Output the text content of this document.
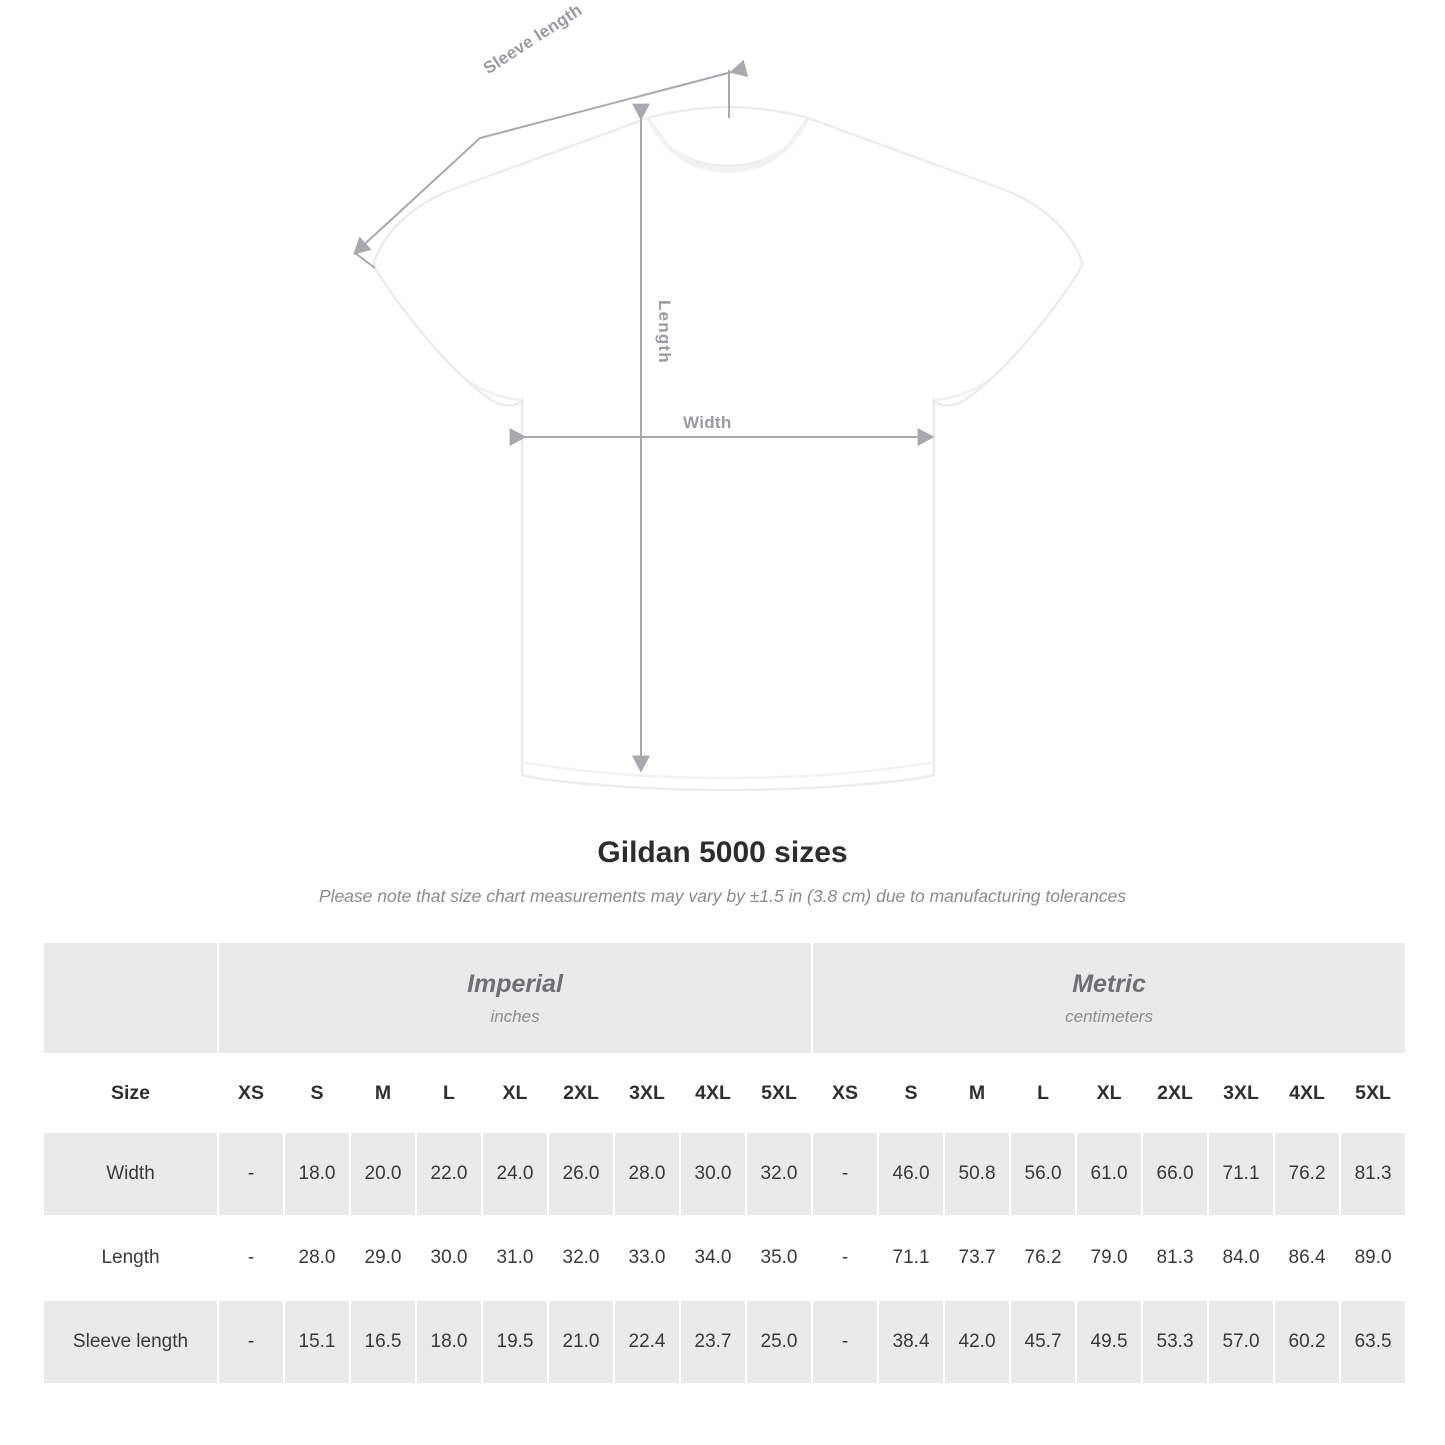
Sleeve length
Length
Width
Gildan 5000 sizes

Please note that size chart measurements may vary by ±1.5 in (3.8 cm) due to manufacturing tolerances

	Imperial
inches									Metric
centimeters								

Size	XS	S	M	L	XL	2XL	3XL	4XL	5XL	XS	S	M	L	XL	2XL	3XL	4XL	5XL
Width	-	18.0	20.0	22.0	24.0	26.0	28.0	30.0	32.0	-	46.0	50.8	56.0	61.0	66.0	71.1	76.2	81.3
Length	-	28.0	29.0	30.0	31.0	32.0	33.0	34.0	35.0	-	71.1	73.7	76.2	79.0	81.3	84.0	86.4	89.0
Sleeve length	-	15.1	16.5	18.0	19.5	21.0	22.4	23.7	25.0	-	38.4	42.0	45.7	49.5	53.3	57.0	60.2	63.5
